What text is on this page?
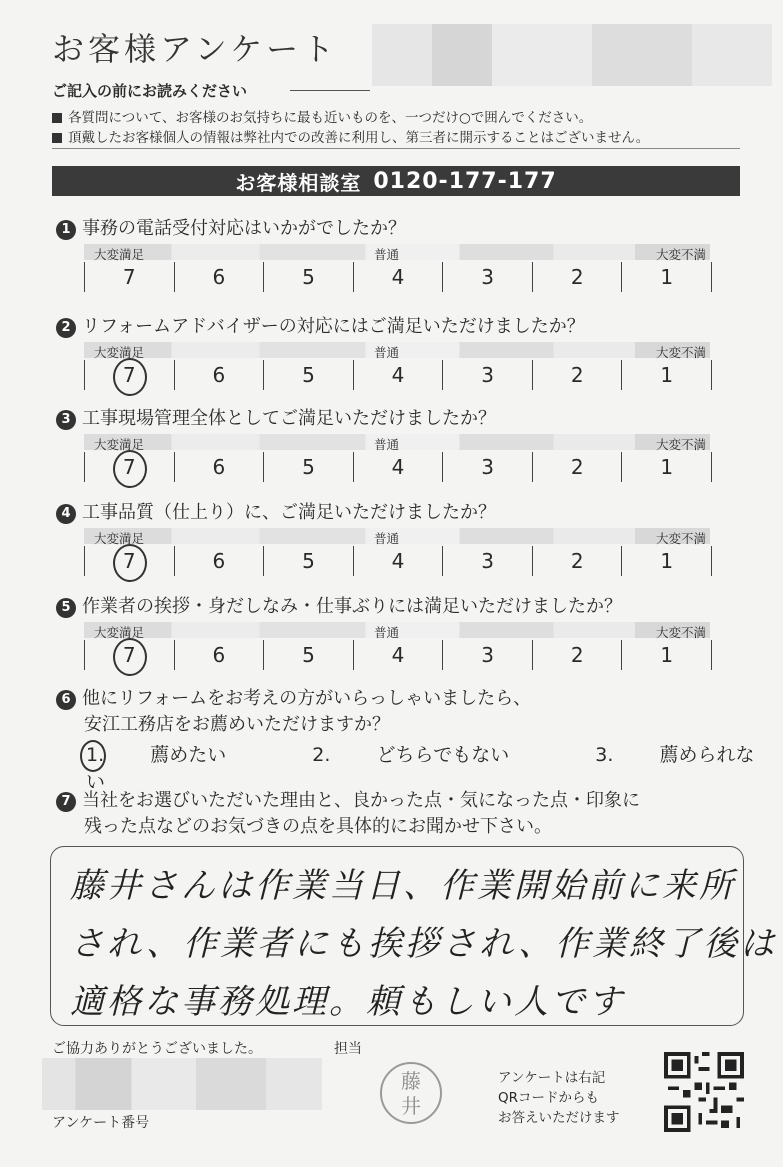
お客様アンケート
ご記入の前にお読みください
各質問について、お客様のお気持ちに最も近いものを、一つだけ○で囲んでください。
頂戴したお客様個人の情報は弊社内での改善に利用し、第三者に開示することはございません。
お客様相談室 0120-177-177
1 事務の電話受付対応はいかがでしたか？
大変満足	普通	大変不満
7	6	5	4	3	2	1
2 リフォームアドバイザーの対応にはご満足いただけましたか？
大変満足	普通	大変不満
7	6	5	4	3	2	1
3 工事現場管理全体としてご満足いただけましたか？
大変満足	普通	大変不満
7	6	5	4	3	2	1
4 工事品質（仕上り）に、ご満足いただけましたか？
大変満足	普通	大変不満
7	6	5	4	3	2	1
5 作業者の挨拶・身だしなみ・仕事ぶりには満足いただけましたか？
大変満足	普通	大変不満
7	6	5	4	3	2	1
6 他にリフォームをお考えの方がいらっしゃいましたら、
安江工務店をお薦めいただけますか？
1. 薦めたい	2. どちらでもない	3. 薦められない
7 当社をお選びいただいた理由と、良かった点・気になった点・印象に
残った点などのお気づきの点を具体的にお聞かせ下さい。
藤井さんは作業当日、作業開始前に来所
され、作業者にも挨拶され、作業終了後は
適格な事務処理。頼もしい人です
ご協力ありがとうございました。	担当
アンケート番号
藤
井
アンケートは右記
QRコードからも
お答えいただけます
